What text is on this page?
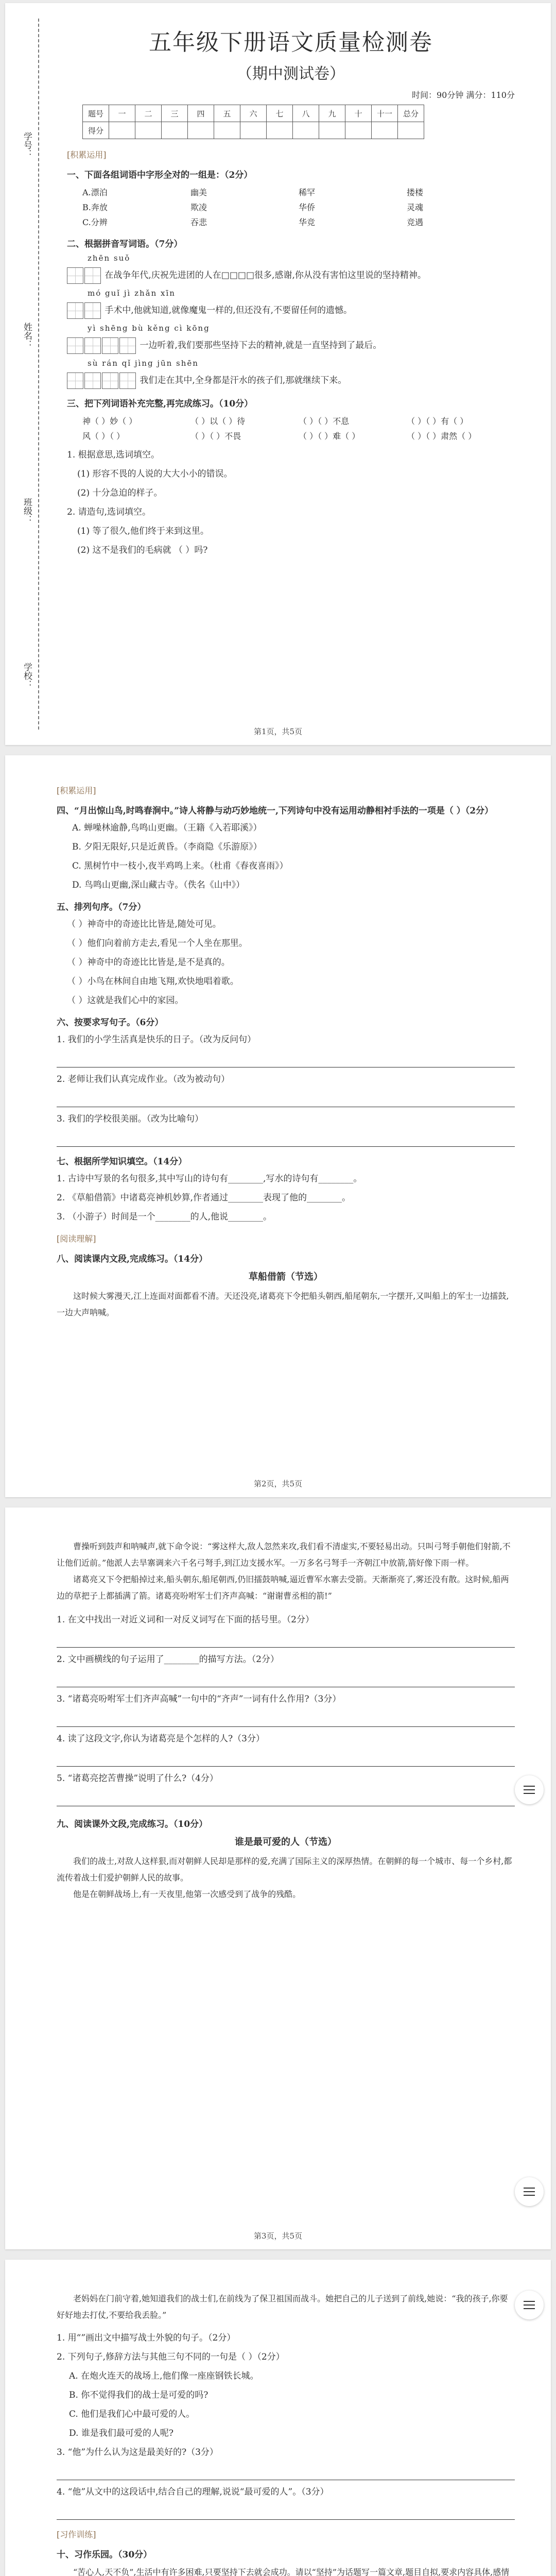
学号：
姓名：
班级：
学校：
五年级下册语文质量检测卷
（期中测试卷）
时间：90分钟 满分：110分
题号	一	二	三	四	五	六	七	八	九	十	十一	总分
得分												
[积累运用]
一、下面各组词语中字形全对的一组是：（2分）
A.漂泊	幽美	稀罕	搂楼
B.奔放	欺凌	华侨	灵魂
C.分辨	吞悲	华竞	竞遇
二、根据拼音写词语。（7分）
zhēn suǒ
在战争年代,庆祝先进团的人在□□□□很多,感谢,你从没有害怕这里说的坚持精神。
mó guǐ jì zhǎn xīn
手术中,他就知道,就像魔鬼一样的,但还没有,不要留任何的遗憾。
yì shēng bù kěng cì kōng
一边听着,我们要那些坚持下去的精神,就是一直坚持到了最后。
sù rán qǐ jìng jūn shēn
我们走在其中,全身都是汗水的孩子们,那就继续下来。
三、把下列词语补充完整,再完成练习。（10分）
神（ ）妙（ ）	（ ）以（ ）待	（ ）（ ）不息	（ ）（ ）有（ ）
风（ ）（ ）	（ ）（ ）不畏	（ ）（ ）难（ ）	（ ）（ ）肃然（ ）
1. 根据意思,选词填空。
(1) 形容不畏的人说的大大小小的错误。
(2) 十分急迫的样子。
2. 请造句,选词填空。
(1) 等了很久,他们终于来到这里。
(2) 这不是我们的毛病就 （ ）吗?
第1页，共5页
[积累运用]
四、“月出惊山鸟,时鸣春涧中。”诗人将静与动巧妙地统一,下列诗句中没有运用动静相衬手法的一项是（ ）（2分）
A. 蝉噪林逾静,鸟鸣山更幽。（王籍《入若耶溪》）
B. 夕阳无限好,只是近黄昏。（李商隐《乐游原》）
C. 黑树竹中一枝小,夜半鸡鸣上来。（杜甫《春夜喜雨》）
D. 鸟鸣山更幽,深山藏古寺。（佚名《山中》）
五、排列句序。（7分）
（ ）神奇中的奇迹比比皆是,随处可见。
（ ）他们向着前方走去,看见一个人坐在那里。
（ ）神奇中的奇迹比比皆是,是不是真的。
（ ）小鸟在林间自由地飞翔,欢快地唱着歌。
（ ）这就是我们心中的家园。
六、按要求写句子。（6分）
1. 我们的小学生活真是快乐的日子。（改为反问句）
2. 老师让我们认真完成作业。（改为被动句）
3. 我们的学校很美丽。（改为比喻句）
七、根据所学知识填空。（14分）
1. 古诗中写景的名句很多,其中写山的诗句有________,写水的诗句有________。
2. 《草船借箭》中诸葛亮神机妙算,作者通过________表现了他的________。
3. （小游子）时间是一个________的人,他说________。
[阅读理解]
八、阅读课内文段,完成练习。（14分）
草船借箭（节选）

这时候大雾漫天,江上连面对面都看不清。天还没亮,诸葛亮下令把船头朝西,船尾朝东,一字摆开,又叫船上的军士一边擂鼓,一边大声呐喊。

第2页，共5页

曹操听到鼓声和呐喊声,就下命令说：“雾这样大,敌人忽然来攻,我们看不清虚实,不要轻易出动。只叫弓弩手朝他们射箭,不让他们近前。”他派人去旱寨调来六千名弓弩手,到江边支援水军。一万多名弓弩手一齐朝江中放箭,箭好像下雨一样。

诸葛亮又下令把船掉过来,船头朝东,船尾朝西,仍旧擂鼓呐喊,逼近曹军水寨去受箭。天渐渐亮了,雾还没有散。这时候,船两边的草把子上都插满了箭。诸葛亮吩咐军士们齐声高喊：“谢谢曹丞相的箭!”

1. 在文中找出一对近义词和一对反义词写在下面的括号里。（2分）
2. 文中画横线的句子运用了________的描写方法。（2分）
3. “诸葛亮吩咐军士们齐声高喊”一句中的“齐声”一词有什么作用?（3分）
4. 读了这段文字,你认为诸葛亮是个怎样的人?（3分）
5. “诸葛亮挖苦曹操”说明了什么?（4分）
九、阅读课外文段,完成练习。（10分）
谁是最可爱的人（节选）

我们的战士,对敌人这样狠,而对朝鲜人民却是那样的爱,充满了国际主义的深厚热情。在朝鲜的每一个城市、每一个乡村,都流传着战士们爱护朝鲜人民的故事。

他是在朝鲜战场上,有一天夜里,他第一次感受到了战争的残酷。

第3页，共5页

老妈妈在门前守着,她知道我们的战士们,在前线为了保卫祖国而战斗。她把自己的儿子送到了前线,她说：“我的孩子,你要好好地去打仗,不要给我丢脸。”

1. 用“”画出文中描写战士外貌的句子。（2分）
2. 下列句子,修辞方法与其他三句不同的一句是（ ）（2分）
A. 在炮火连天的战场上,他们像一座座钢铁长城。
B. 你不觉得我们的战士是可爱的吗?
C. 他们是我们心中最可爱的人。
D. 谁是我们最可爱的人呢?
3. “他”为什么认为这是最美好的?（3分）
4. “他”从文中的这段话中,结合自己的理解,说说“最可爱的人”。（3分）
[习作训练]
十、习作乐园。（30分）

“苦心人,天不负”,生活中有许多困难,只要坚持下去就会成功。请以“坚持”为话题写一篇文章,题目自拟,要求内容具体,感情
